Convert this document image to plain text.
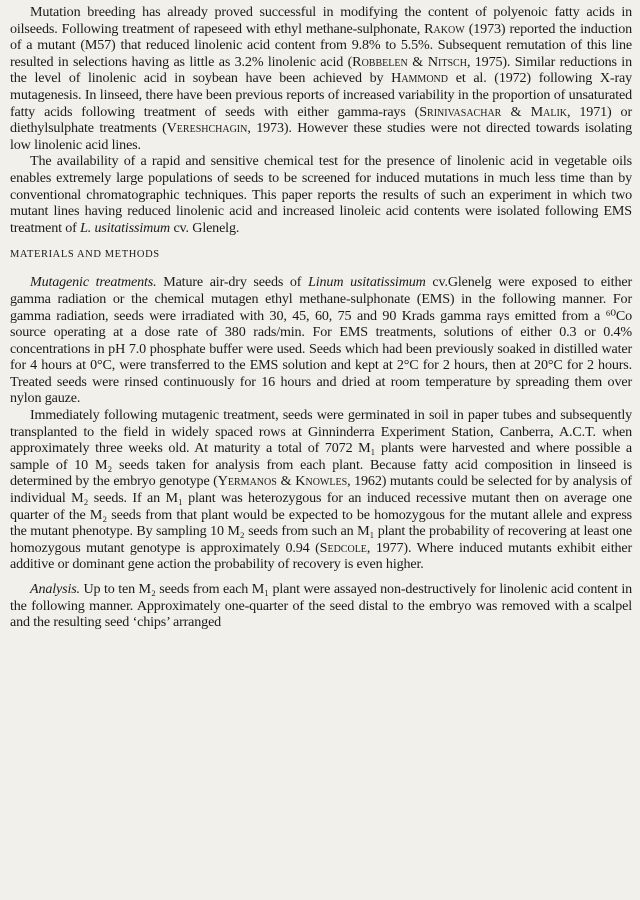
Mutation breeding has already proved successful in modifying the content of polyenoic fatty acids in oilseeds. Following treatment of rapeseed with ethyl methane-sulphonate, Rakow (1973) reported the induction of a mutant (M57) that reduced linolenic acid content from 9.8% to 5.5%. Subsequent remutation of this line resulted in selections having as little as 3.2% linolenic acid (Robbelen & Nitsch, 1975). Similar reductions in the level of linolenic acid in soybean have been achieved by Hammond et al. (1972) following X-ray mutagenesis. In linseed, there have been previous reports of increased variability in the proportion of unsaturated fatty acids following treatment of seeds with either gamma-rays (Srinivasachar & Malik, 1971) or diethylsulphate treatments (Vereshchagin, 1973). However these studies were not directed towards isolating low linolenic acid lines.

The availability of a rapid and sensitive chemical test for the presence of linolenic acid in vegetable oils enables extremely large populations of seeds to be screened for induced mutations in much less time than by conventional chromatographic techniques. This paper reports the results of such an experiment in which two mutant lines having reduced linolenic acid and increased linoleic acid contents were isolated following EMS treatment of L. usitatissimum cv. Glenelg.

MATERIALS AND METHODS

Mutagenic treatments. Mature air-dry seeds of Linum usitatissimum cv.Glenelg were exposed to either gamma radiation or the chemical mutagen ethyl methane-sulphonate (EMS) in the following manner. For gamma radiation, seeds were irradiated with 30, 45, 60, 75 and 90 Krads gamma rays emitted from a ⁶⁰Co source operating at a dose rate of 380 rads/min. For EMS treatments, solutions of either 0.3 or 0.4% concentrations in pH 7.0 phosphate buffer were used. Seeds which had been previously soaked in distilled water for 4 hours at 0°C, were transferred to the EMS solution and kept at 2°C for 2 hours, then at 20°C for 2 hours. Treated seeds were rinsed continuously for 16 hours and dried at room temperature by spreading them over nylon gauze.

Immediately following mutagenic treatment, seeds were germinated in soil in paper tubes and subsequently transplanted to the field in widely spaced rows at Ginninderra Experiment Station, Canberra, A.C.T. when approximately three weeks old. At maturity a total of 7072 M₁ plants were harvested and where possible a sample of 10 M₂ seeds taken for analysis from each plant. Because fatty acid composition in linseed is determined by the embryo genotype (Yermanos & Knowles, 1962) mutants could be selected for by analysis of individual M₂ seeds. If an M₁ plant was heterozygous for an induced recessive mutant then on average one quarter of the M₂ seeds from that plant would be expected to be homozygous for the mutant allele and express the mutant phenotype. By sampling 10 M₂ seeds from such an M₁ plant the probability of recovering at least one homozygous mutant genotype is approximately 0.94 (Sedcole, 1977). Where induced mutants exhibit either additive or dominant gene action the probability of recovery is even higher.

Analysis. Up to ten M₂ seeds from each M₁ plant were assayed non-destructively for linolenic acid content in the following manner. Approximately one-quarter of the seed distal to the embryo was removed with a scalpel and the resulting seed ‘chips’ arranged
